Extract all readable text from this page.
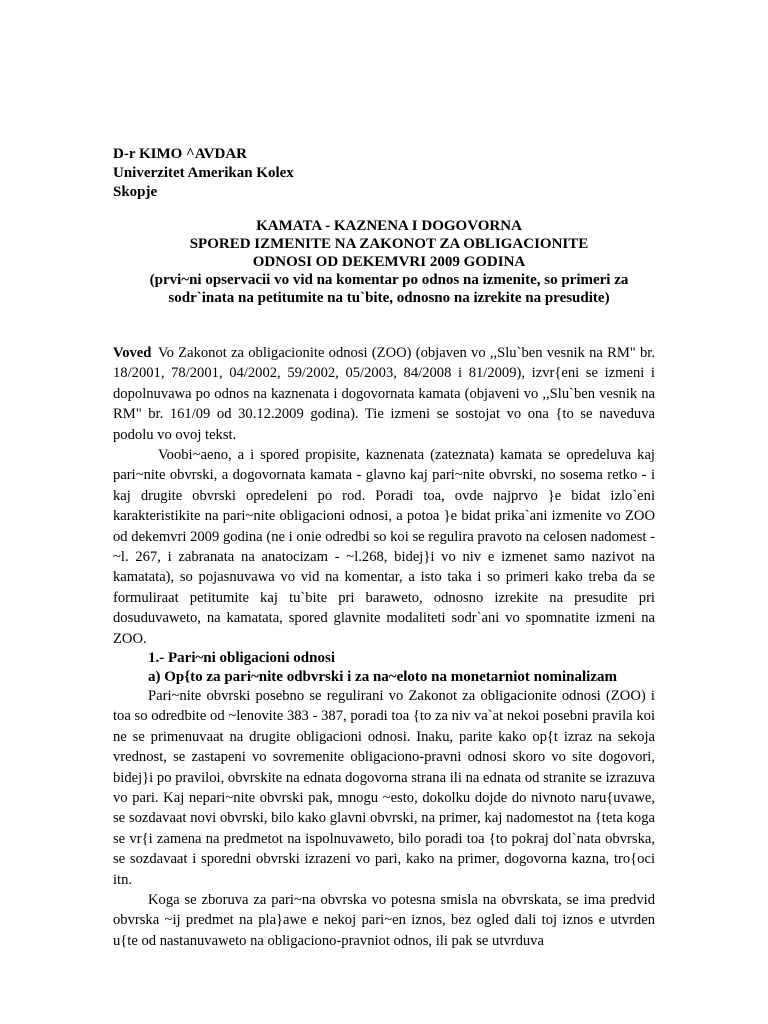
D-r KIMO ^AVDAR
Univerzitet Amerikan Kolex
Skopje
KAMATA - KAZNENA I DOGOVORNA
SPORED IZMENITE NA ZAKONOT ZA OBLIGACIONITE
ODNOSI OD DEKEMVRI 2009 GODINA
(prvi~ni opservacii vo vid na komentar po odnos na izmenite, so primeri za
sodr`inata na petitumite na tu`bite, odnosno na izrekite na presudite)
Voved Vo Zakonot za obligacionite odnosi (ZOO) (objaven vo ,,Slu`ben vesnik na RM" br. 18/2001, 78/2001, 04/2002, 59/2002, 05/2003, 84/2008 i 81/2009), izvr{eni se izmeni i dopolnuvawa po odnos na kaznenata i dogovornata kamata (objaveni vo ,,Slu`ben vesnik na RM" br. 161/09 od 30.12.2009 godina). Tie izmeni se sostojat vo ona {to se naveduva podolu vo ovoj tekst.

Voobi~aeno, a i spored propisite, kaznenata (zateznata) kamata se opredeluva kaj pari~nite obvrski, a dogovornata kamata - glavno kaj pari~nite obvrski, no sosema retko - i kaj drugite obvrski opredeleni po rod. Poradi toa, ovde najprvo }e bidat izlo`eni karakteristikite na pari~nite obligacioni odnosi, a potoa }e bidat prika`ani izmenite vo ZOO od dekemvri 2009 godina (ne i onie odredbi so koi se regulira pravoto na celosen nadomest - ~l. 267, i zabranata na anatocizam - ~l.268, bidej}i vo niv e izmenet samo nazivot na kamatata), so pojasnuvawa vo vid na komentar, a isto taka i so primeri kako treba da se formuliraat petitumite kaj tu`bite pri baraweto, odnosno izrekite na presudite pri dosuduvaweto, na kamatata, spored glavnite modaliteti sodr`ani vo spomnatite izmeni na ZOO.

1.- Pari~ni obligacioni odnosi
a) Op{to za pari~nite odbvrski i za na~eloto na monetarniot nominalizam

Pari~nite obvrski posebno se regulirani vo Zakonot za obligacionite odnosi (ZOO) i toa so odredbite od ~lenovite 383 - 387, poradi toa {to za niv va`at nekoi posebni pravila koi ne se primenuvaat na drugite obligacioni odnosi. Inaku, parite kako op{t izraz na sekoja vrednost, se zastapeni vo sovremenite obligaciono-pravni odnosi skoro vo site dogovori, bidej}i po praviloi, obvrskite na ednata dogovorna strana ili na ednata od stranite se izrazuva vo pari. Kaj nepari~nite obvrski pak, mnogu ~esto, dokolku dojde do nivnoto naru{uvawe, se sozdavaat novi obvrski, bilo kako glavni obvrski, na primer, kaj nadomestot na {teta koga se vr{i zamena na predmetot na ispolnuvaweto, bilo poradi toa {to pokraj dol`nata obvrska, se sozdavaat i sporedni obvrski izrazeni vo pari, kako na primer, dogovorna kazna, tro{oci itn.

Koga se zboruva za pari~na obvrska vo potesna smisla na obvrskata, se ima predvid obvrska ~ij predmet na pla}awe e nekoj pari~en iznos, bez ogled dali toj iznos e utvrden u{te od nastanuvaweto na obligaciono-pravniot odnos, ili pak se utvrduva
